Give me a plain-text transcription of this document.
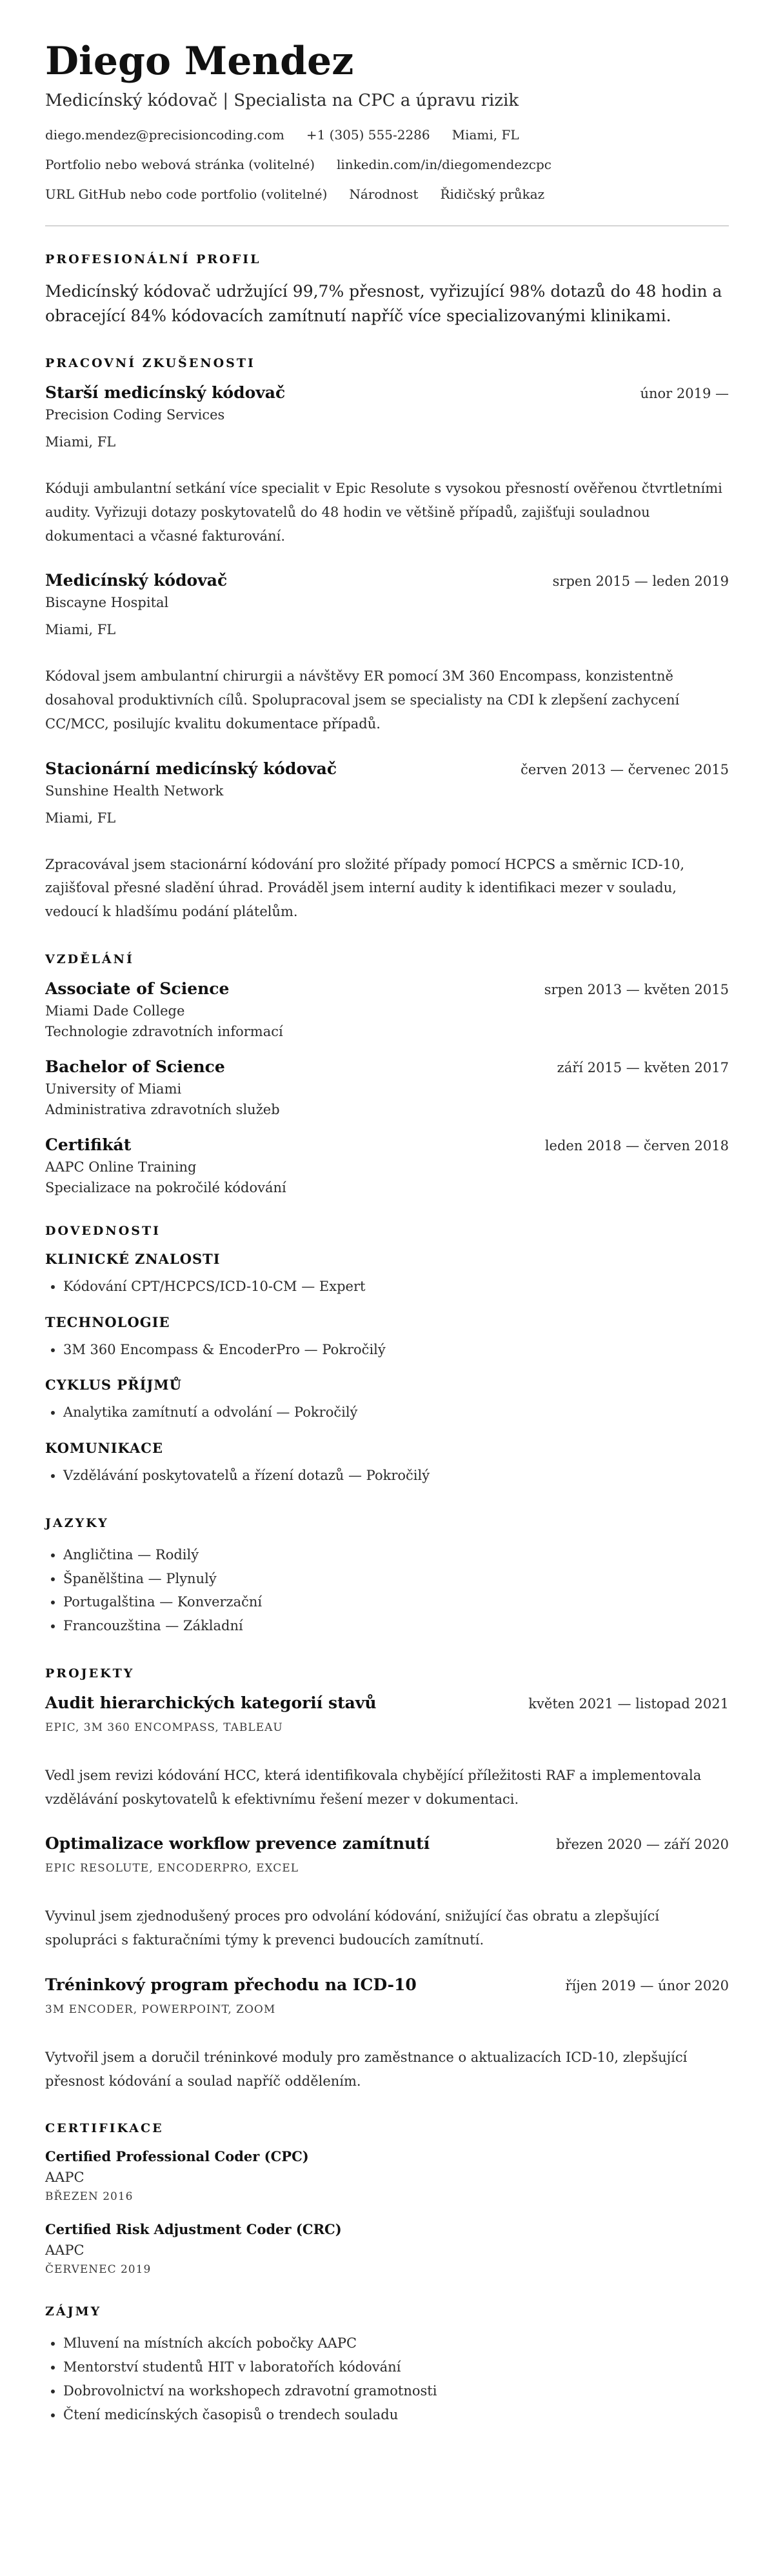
Diego Mendez
Medicínský kódovač | Specialista na CPC a úpravu rizik
diego.mendez@precisioncoding.com +1 (305) 555-2286 Miami, FL
Portfolio nebo webová stránka (volitelné) linkedin.com/in/diegomendezcpc
URL GitHub nebo code portfolio (volitelné) Národnost Řidičský průkaz
PROFESIONÁLNÍ PROFIL
Medicínský kódovač udržující 99,7% přesnost, vyřizující 98% dotazů do 48 hodin a obracející 84% kódovacích zamítnutí napříč více specializovanými klinikami.
PRACOVNÍ ZKUŠENOSTI
Starší medicínský kódovač	únor 2019 —
Precision Coding Services
Miami, FL
Kóduji ambulantní setkání více specialit v Epic Resolute s vysokou přesností ověřenou čtvrtletními audity. Vyřizuji dotazy poskytovatelů do 48 hodin ve většině případů, zajišťuji souladnou dokumentaci a včasné fakturování.
Medicínský kódovač	srpen 2015 — leden 2019
Biscayne Hospital
Miami, FL
Kódoval jsem ambulantní chirurgii a návštěvy ER pomocí 3M 360 Encompass, konzistentně dosahoval produktivních cílů. Spolupracoval jsem se specialisty na CDI k zlepšení zachycení CC/MCC, posilujíc kvalitu dokumentace případů.
Stacionární medicínský kódovač	červen 2013 — červenec 2015
Sunshine Health Network
Miami, FL
Zpracovával jsem stacionární kódování pro složité případy pomocí HCPCS a směrnic ICD-10, zajišťoval přesné sladění úhrad. Prováděl jsem interní audity k identifikaci mezer v souladu, vedoucí k hladšímu podání plátelům.
VZDĚLÁNÍ
Associate of Science	srpen 2013 — květen 2015
Miami Dade College
Technologie zdravotních informací
Bachelor of Science	září 2015 — květen 2017
University of Miami
Administrativa zdravotních služeb
Certifikát	leden 2018 — červen 2018
AAPC Online Training
Specializace na pokročilé kódování
DOVEDNOSTI
KLINICKÉ ZNALOSTI
• Kódování CPT/HCPCS/ICD-10-CM — Expert
TECHNOLOGIE
• 3M 360 Encompass & EncoderPro — Pokročilý
CYKLUS PŘÍJMŮ
• Analytika zamítnutí a odvolání — Pokročilý
KOMUNIKACE
• Vzdělávání poskytovatelů a řízení dotazů — Pokročilý
JAZYKY
• Angličtina — Rodilý
• Španělština — Plynulý
• Portugalština — Konverzační
• Francouzština — Základní
PROJEKTY
Audit hierarchických kategorií stavů	květen 2021 — listopad 2021
EPIC, 3M 360 ENCOMPASS, TABLEAU
Vedl jsem revizi kódování HCC, která identifikovala chybějící příležitosti RAF a implementovala vzdělávání poskytovatelů k efektivnímu řešení mezer v dokumentaci.
Optimalizace workflow prevence zamítnutí	březen 2020 — září 2020
EPIC RESOLUTE, ENCODERPRO, EXCEL
Vyvinul jsem zjednodušený proces pro odvolání kódování, snižující čas obratu a zlepšující spolupráci s fakturačními týmy k prevenci budoucích zamítnutí.
Tréninkový program přechodu na ICD-10	říjen 2019 — únor 2020
3M ENCODER, POWERPOINT, ZOOM
Vytvořil jsem a doručil tréninkové moduly pro zaměstnance o aktualizacích ICD-10, zlepšující přesnost kódování a soulad napříč oddělením.
CERTIFIKACE
Certified Professional Coder (CPC)
AAPC
BŘEZEN 2016
Certified Risk Adjustment Coder (CRC)
AAPC
ČERVENEC 2019
ZÁJMY
• Mluvení na místních akcích pobočky AAPC
• Mentorství studentů HIT v laboratořích kódování
• Dobrovolnictví na workshopech zdravotní gramotnosti
• Čtení medicínských časopisů o trendech souladu
